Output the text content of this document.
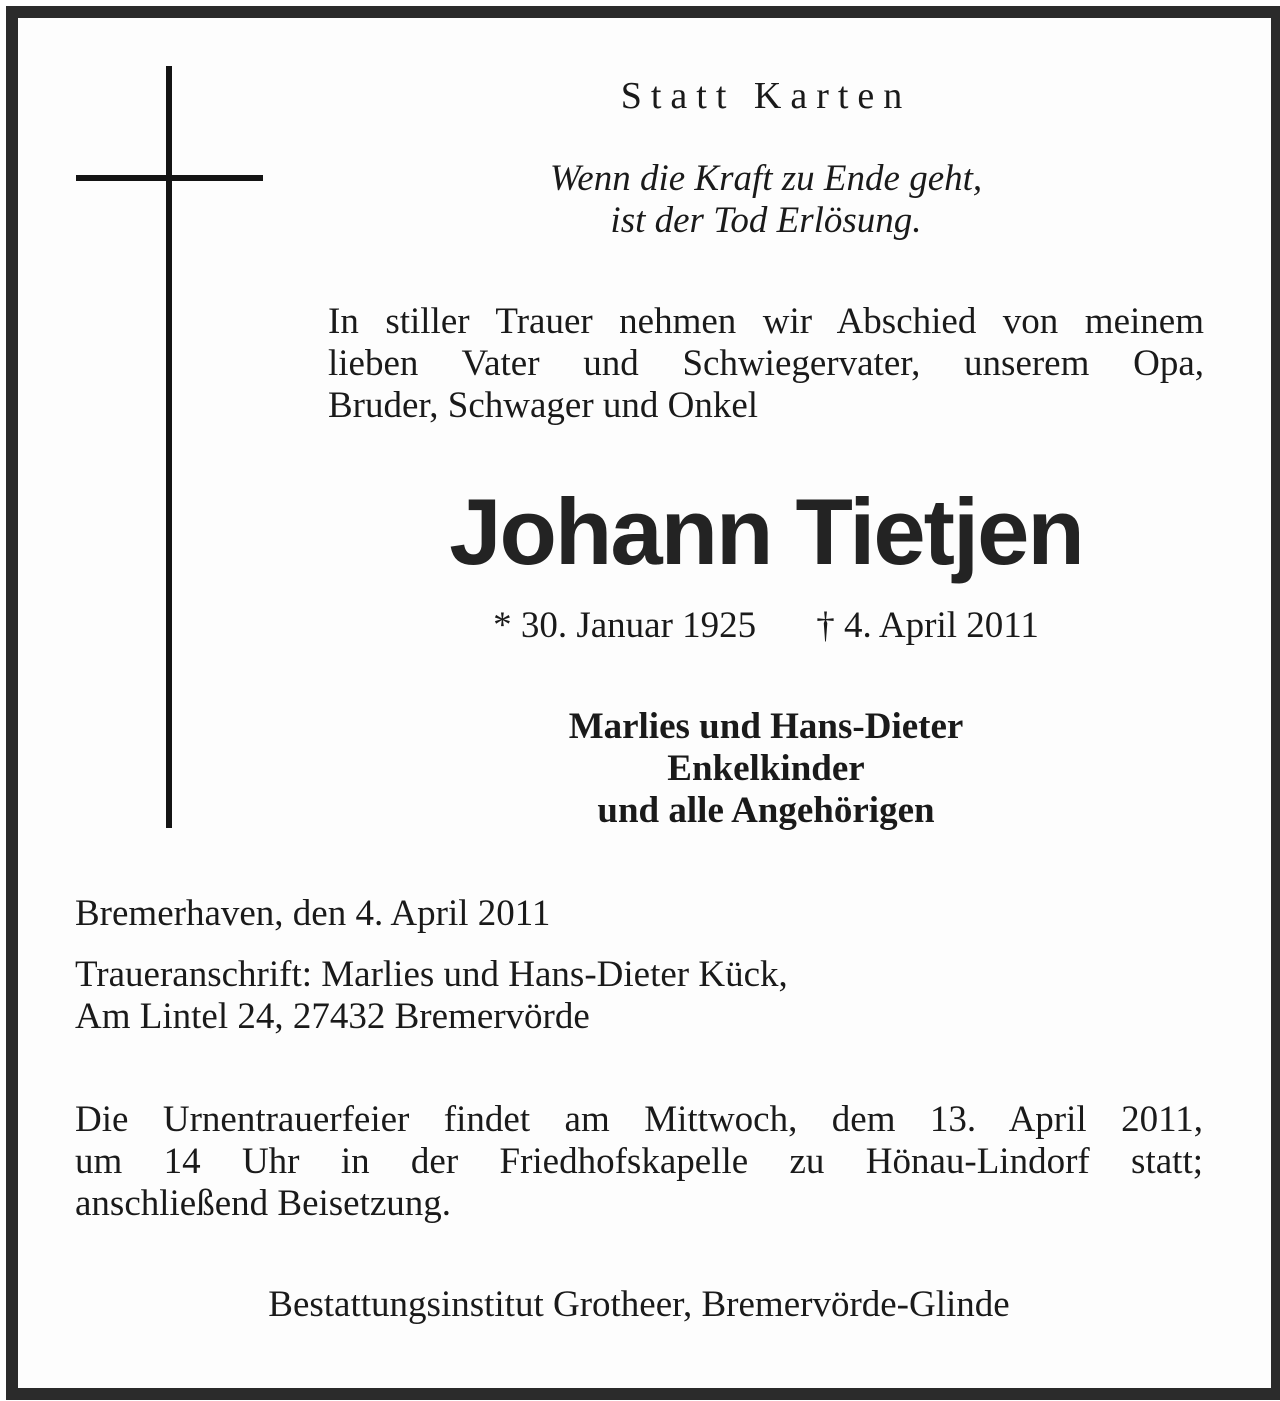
Statt Karten
Wenn die Kraft zu Ende geht,
ist der Tod Erlösung.
In stiller Trauer nehmen wir Abschied von meinem
lieben Vater und Schwiegervater, unserem Opa,
Bruder, Schwager und Onkel
Johann Tietjen
* 30. Januar 1925 † 4. April 2011
Marlies und Hans-Dieter
Enkelkinder
und alle Angehörigen
Bremerhaven, den 4. April 2011
Traueranschrift: Marlies und Hans-Dieter Kück,
Am Lintel 24, 27432 Bremervörde
Die Urnentrauerfeier findet am Mittwoch, dem 13. April 2011,
um 14 Uhr in der Friedhofskapelle zu Hönau-Lindorf statt;
anschließend Beisetzung.
Bestattungsinstitut Grotheer, Bremervörde-Glinde
